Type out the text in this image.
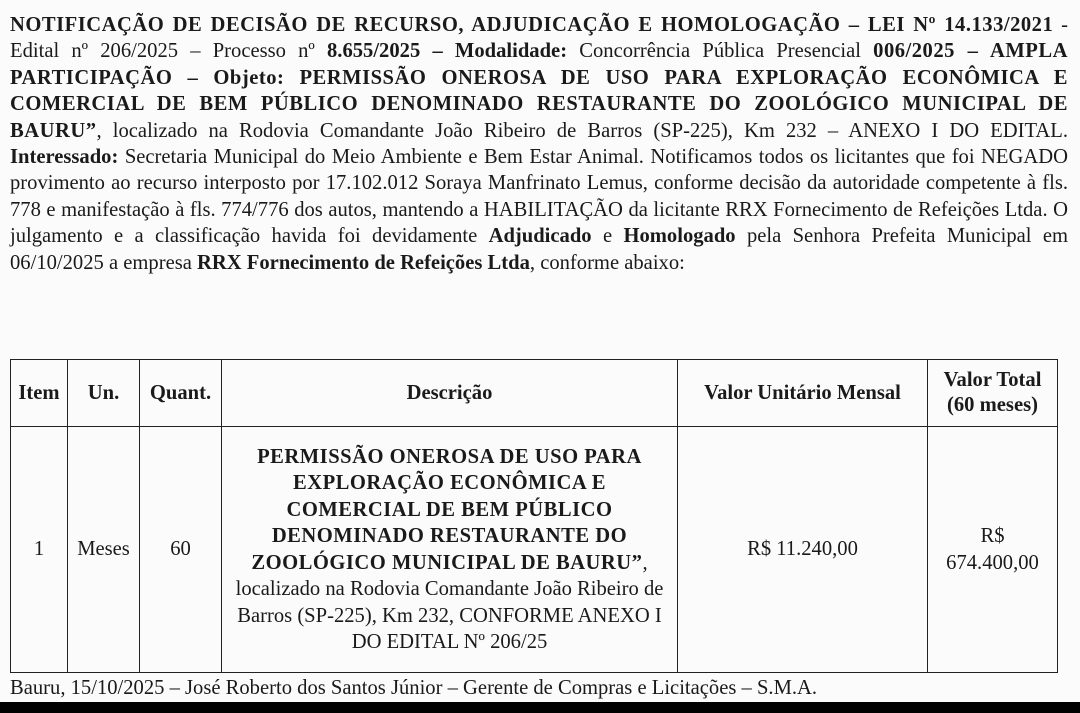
NOTIFICAÇÃO DE DECISÃO DE RECURSO, ADJUDICAÇÃO E HOMOLOGAÇÃO – LEI Nº 14.133/2021 - Edital nº 206/2025 – Processo nº 8.655/2025 – Modalidade: Concorrência Pública Presencial 006/2025 – AMPLA PARTICIPAÇÃO – Objeto: PERMISSÃO ONEROSA DE USO PARA EXPLORAÇÃO ECONÔMICA E COMERCIAL DE BEM PÚBLICO DENOMINADO RESTAURANTE DO ZOOLÓGICO MUNICIPAL DE BAURU”, localizado na Rodovia Comandante João Ribeiro de Barros (SP-225), Km 232 – ANEXO I DO EDITAL. Interessado: Secretaria Municipal do Meio Ambiente e Bem Estar Animal. Notificamos todos os licitantes que foi NEGADO provimento ao recurso interposto por 17.102.012 Soraya Manfrinato Lemus, conforme decisão da autoridade competente à fls. 778 e manifestação à fls. 774/776 dos autos, mantendo a HABILITAÇÃO da licitante RRX Fornecimento de Refeições Ltda. O julgamento e a classificação havida foi devidamente Adjudicado e Homologado pela Senhora Prefeita Municipal em 06/10/2025 a empresa RRX Fornecimento de Refeições Ltda, conforme abaixo:

Item	Un.	Quant.	Descrição	Valor Unitário Mensal	Valor Total (60 meses)
1	Meses	60	PERMISSÃO ONEROSA DE USO PARA EXPLORAÇÃO ECONÔMICA E COMERCIAL DE BEM PÚBLICO DENOMINADO RESTAURANTE DO ZOOLÓGICO MUNICIPAL DE BAURU”, localizado na Rodovia Comandante João Ribeiro de Barros (SP-225), Km 232, CONFORME ANEXO I DO EDITAL Nº 206/25	R$ 11.240,00	R$ 674.400,00
Bauru, 15/10/2025 – José Roberto dos Santos Júnior – Gerente de Compras e Licitações – S.M.A.
